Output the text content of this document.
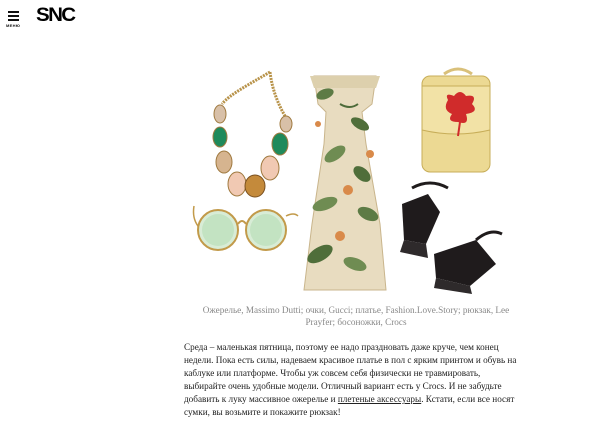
МЕНЮ SNC
Ожерелье, Massimo Dutti; очки, Gucci; платье, Fashion.Love.Story; рюкзак, Lee Prayfer; босоножки, Crocs
Среда – маленькая пятница, поэтому ее надо праздновать даже круче, чем конец недели. Пока есть силы, надеваем красивое платье в пол с ярким принтом и обувь на каблуке или платформе. Чтобы уж совсем себя физически не травмировать, выбирайте очень удобные модели. Отличный вариант есть у Crocs. И не забудьте добавить к луку массивное ожерелье и плетеные аксессуары. Кстати, если все носят сумки, вы возьмите и покажите рюкзак!
